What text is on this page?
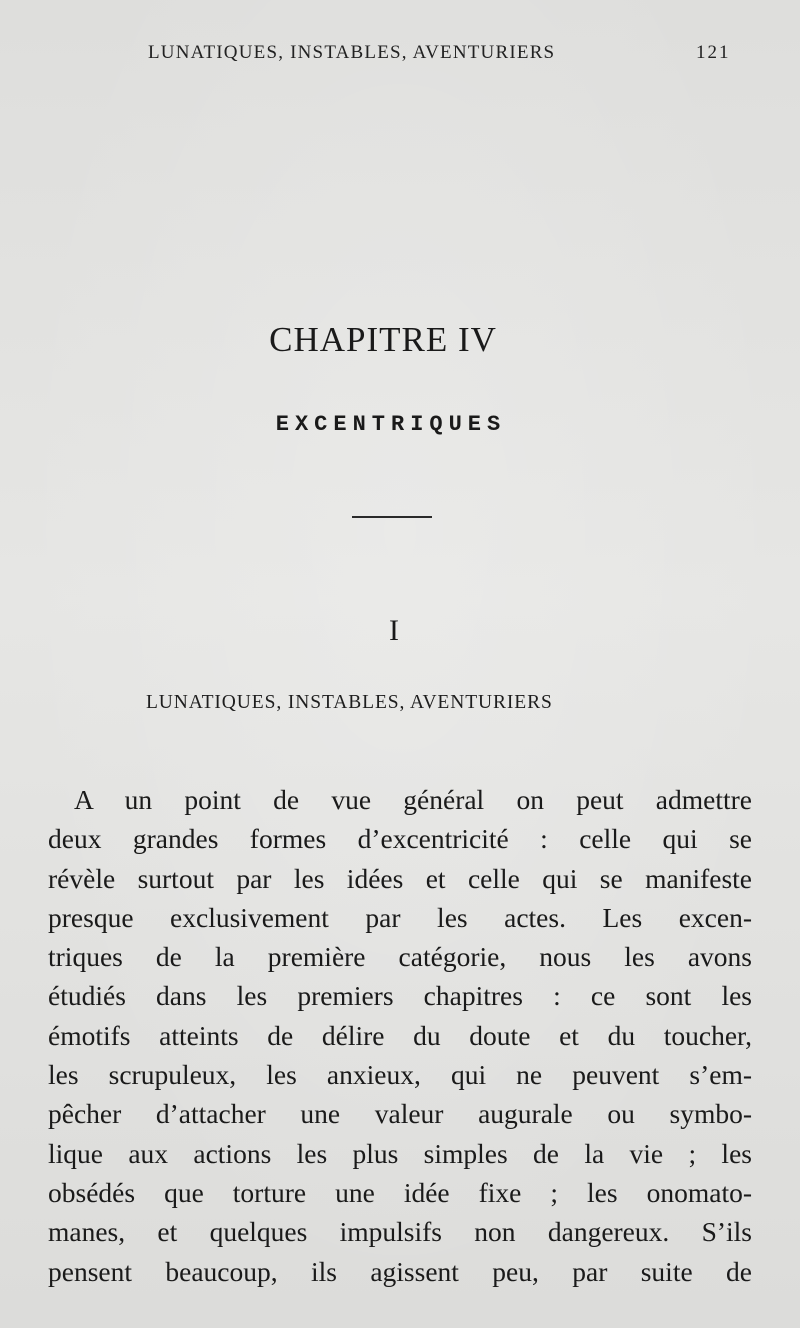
LUNATIQUES, INSTABLES, AVENTURIERS	121
CHAPITRE IV
EXCENTRIQUES
I
LUNATIQUES, INSTABLES, AVENTURIERS
A un point de vue général on peut admettre
deux grandes formes d’excentricité : celle qui se
révèle surtout par les idées et celle qui se manifeste
presque exclusivement par les actes. Les excen-
triques de la première catégorie, nous les avons
étudiés dans les premiers chapitres : ce sont les
émotifs atteints de délire du doute et du toucher,
les scrupuleux, les anxieux, qui ne peuvent s’em-
pêcher d’attacher une valeur augurale ou symbo-
lique aux actions les plus simples de la vie ; les
obsédés que torture une idée fixe ; les onomato-
manes, et quelques impulsifs non dangereux. S’ils
pensent beaucoup, ils agissent peu, par suite de
